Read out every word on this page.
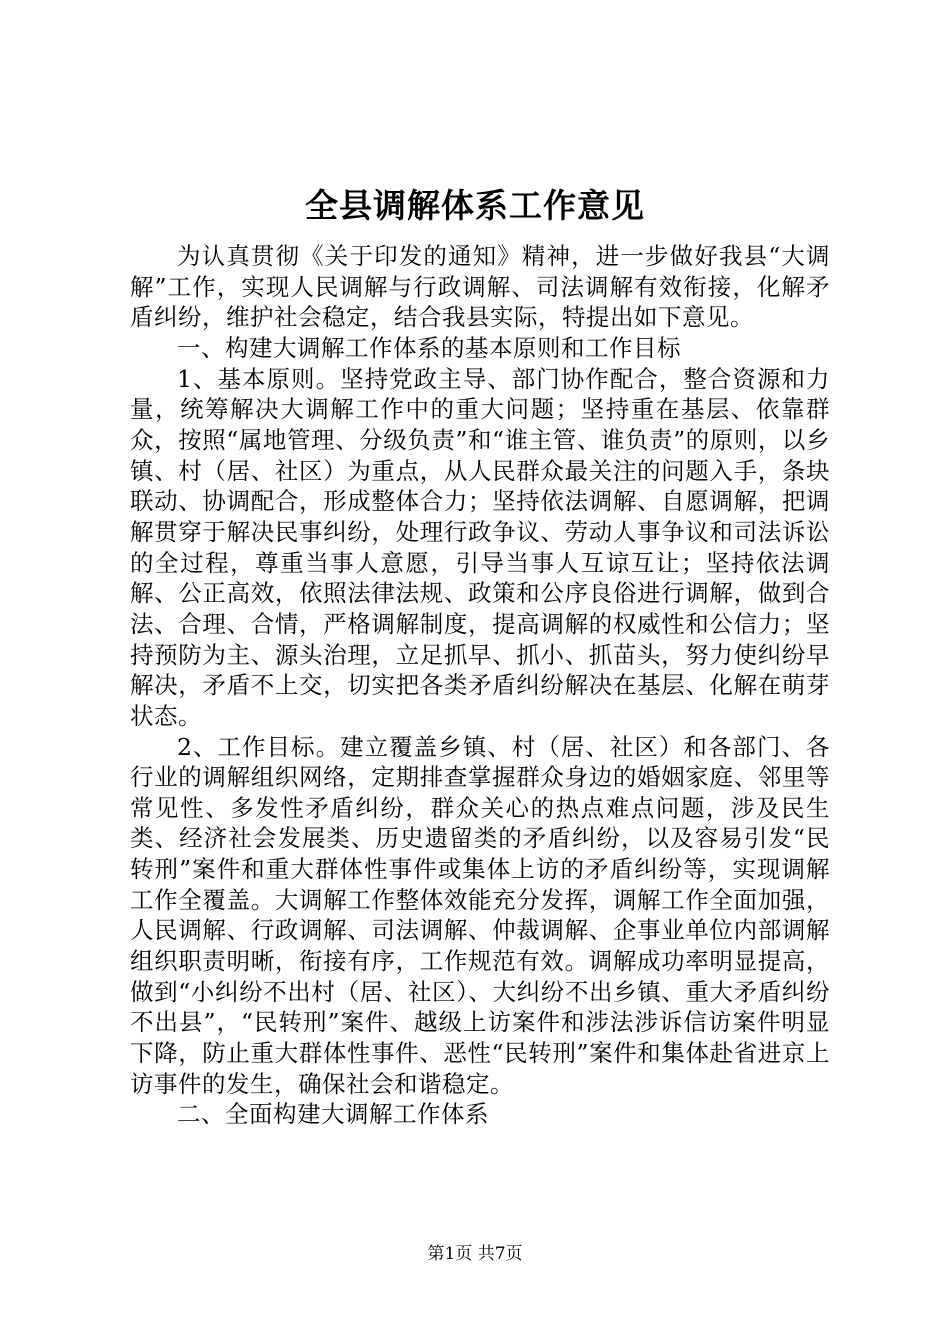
全县调解体系工作意见

为认真贯彻《关于印发的通知》精神，进一步做好我县“大调解”工作，实现人民调解与行政调解、司法调解有效衔接，化解矛盾纠纷，维护社会稳定，结合我县实际，特提出如下意见。

一、构建大调解工作体系的基本原则和工作目标

1、基本原则。坚持党政主导、部门协作配合，整合资源和力量，统筹解决大调解工作中的重大问题；坚持重在基层、依靠群众，按照“属地管理、分级负责”和“谁主管、谁负责”的原则，以乡镇、村（居、社区）为重点，从人民群众最关注的问题入手，条块联动、协调配合，形成整体合力；坚持依法调解、自愿调解，把调解贯穿于解决民事纠纷，处理行政争议、劳动人事争议和司法诉讼的全过程，尊重当事人意愿，引导当事人互谅互让；坚持依法调解、公正高效，依照法律法规、政策和公序良俗进行调解，做到合法、合理、合情，严格调解制度，提高调解的权威性和公信力；坚持预防为主、源头治理，立足抓早、抓小、抓苗头，努力使纠纷早解决，矛盾不上交，切实把各类矛盾纠纷解决在基层、化解在萌芽状态。

2、工作目标。建立覆盖乡镇、村（居、社区）和各部门、各行业的调解组织网络，定期排查掌握群众身边的婚姻家庭、邻里等常见性、多发性矛盾纠纷，群众关心的热点难点问题，涉及民生类、经济社会发展类、历史遗留类的矛盾纠纷，以及容易引发“民转刑”案件和重大群体性事件或集体上访的矛盾纠纷等，实现调解工作全覆盖。大调解工作整体效能充分发挥，调解工作全面加强，人民调解、行政调解、司法调解、仲裁调解、企事业单位内部调解组织职责明晰，衔接有序，工作规范有效。调解成功率明显提高，做到“小纠纷不出村（居、社区）、大纠纷不出乡镇、重大矛盾纠纷不出县”，“民转刑”案件、越级上访案件和涉法涉诉信访案件明显下降，防止重大群体性事件、恶性“民转刑”案件和集体赴省进京上访事件的发生，确保社会和谐稳定。

二、全面构建大调解工作体系

第1页 共7页
